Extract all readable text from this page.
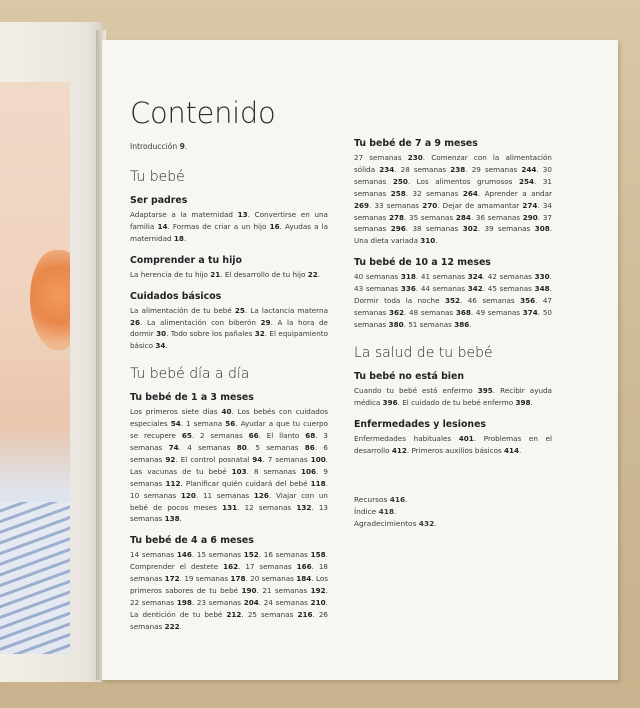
Contenido

Introducción 9.

Tu bebé
Ser padres

Adaptarse a la maternidad 13. Convertirse en una familia 14. Formas de criar a un hijo 16. Ayudas a la maternidad 18.

Comprender a tu hijo

La herencia de tu hijo 21. El desarrollo de tu hijo 22.

Cuidados básicos

La alimentación de tu bebé 25. La lactancia materna 26. La alimentación con biberón 29. A la hora de dormir 30. Todo sobre los pañales 32. El equipamiento básico 34.

Tu bebé día a día
Tu bebé de 1 a 3 meses

Los primeros siete días 40. Los bebés con cuidados especiales 54. 1 semana 56. Ayudar a que tu cuerpo se recupere 65. 2 semanas 66. El llanto 68. 3 semanas 74. 4 semanas 80. 5 semanas 86. 6 semanas 92. El control posnatal 94. 7 semanas 100. Las vacunas de tu bebé 103. 8 semanas 106. 9 semanas 112. Planificar quién cuidará del bebé 118. 10 semanas 120. 11 semanas 126. Viajar con un bebé de pocos meses 131. 12 semanas 132. 13 semanas 138.

Tu bebé de 4 a 6 meses

14 semanas 146. 15 semanas 152. 16 semanas 158. Comprender el destete 162. 17 semanas 166. 18 semanas 172. 19 semanas 178. 20 semanas 184. Los primeros sabores de tu bebé 190. 21 semanas 192. 22 semanas 198. 23 semanas 204. 24 semanas 210. La dentición de tu bebé 212. 25 semanas 216. 26 semanas 222.

Tu bebé de 7 a 9 meses

27 semanas 230. Comenzar con la alimentación sólida 234. 28 semanas 238. 29 semanas 244. 30 semanas 250. Los alimentos grumosos 254. 31 semanas 258. 32 semanas 264. Aprender a andar 269. 33 semanas 270. Dejar de amamantar 274. 34 semanas 278. 35 semanas 284. 36 semanas 290. 37 semanas 296. 38 semanas 302. 39 semanas 308. Una dieta variada 310.

Tu bebé de 10 a 12 meses

40 semanas 318. 41 semanas 324. 42 semanas 330. 43 semanas 336. 44 semanas 342. 45 semanas 348. Dormir toda la noche 352. 46 semanas 356. 47 semanas 362. 48 semanas 368. 49 semanas 374. 50 semanas 380. 51 semanas 386.

La salud de tu bebé
Tu bebé no está bien

Cuando tu bebé está enfermo 395. Recibir ayuda médica 396. El cuidado de tu bebé enfermo 398.

Enfermedades y lesiones

Enfermedades habituales 401. Problemas en el desarrollo 412. Primeros auxilios básicos 414.

Recursos 416.

Índice 418.

Agradecimientos 432.
